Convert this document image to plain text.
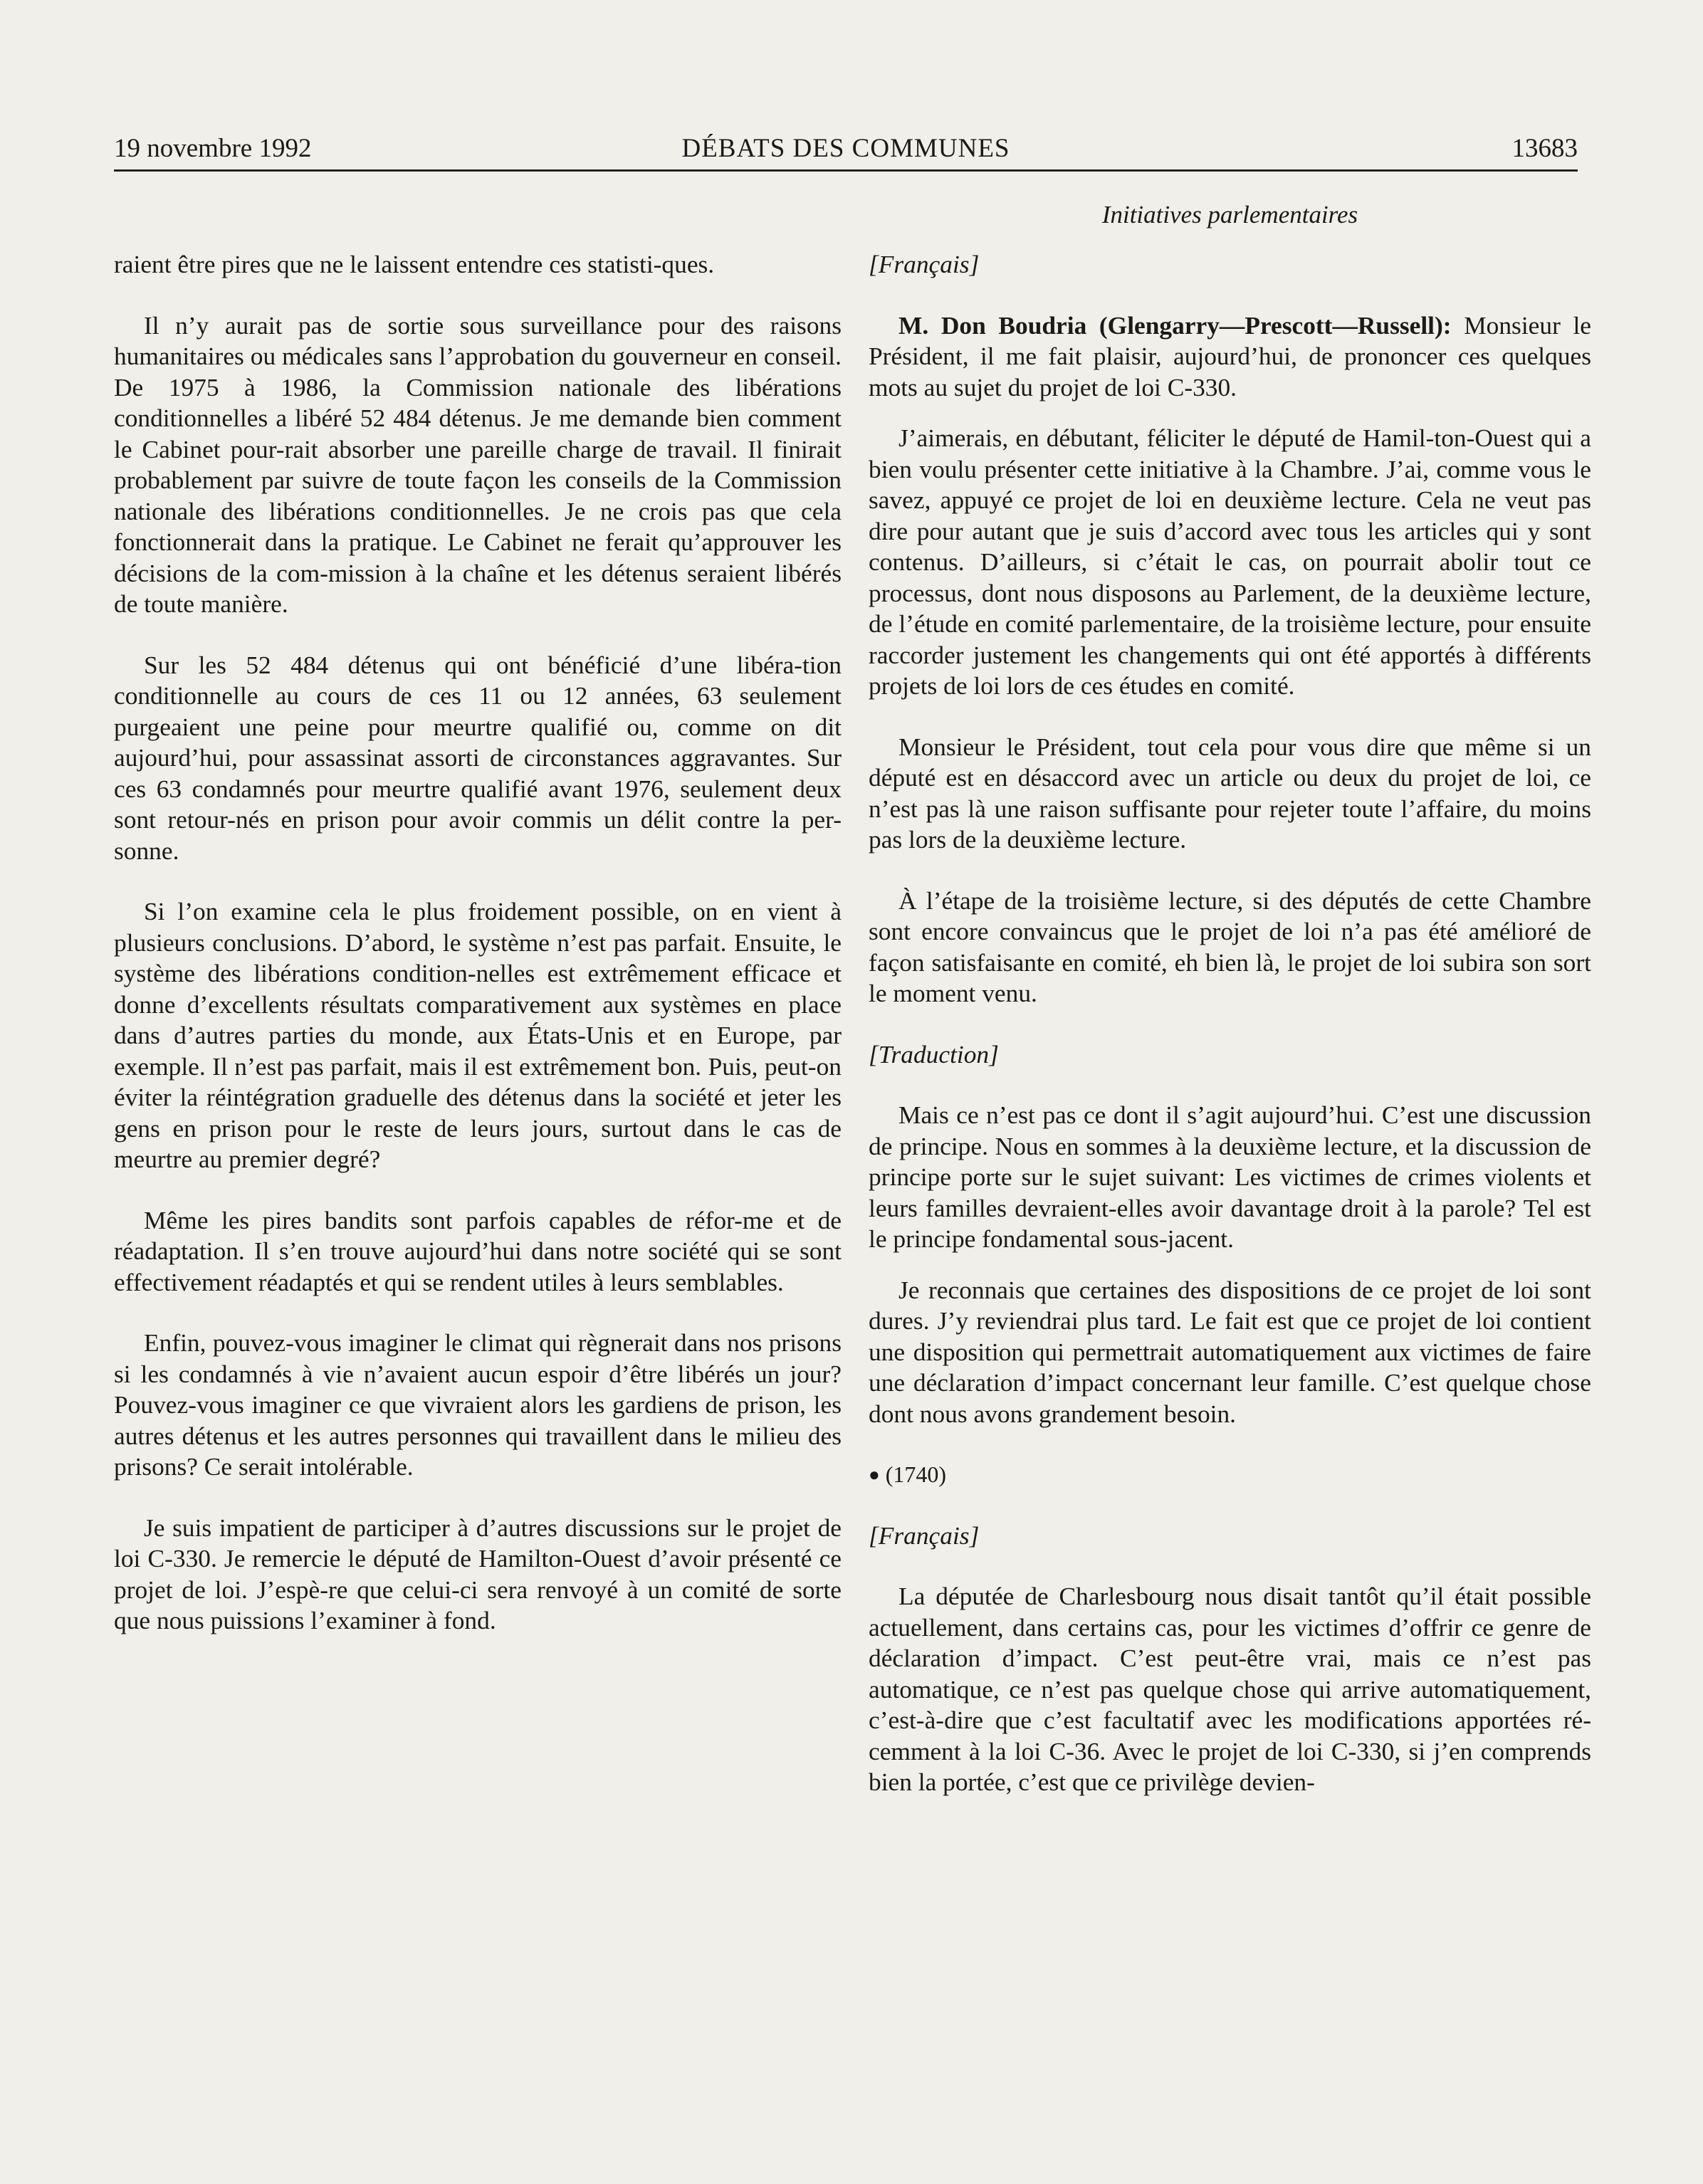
19 novembre 1992	DÉBATS DES COMMUNES	13683
Initiatives parlementaires

raient être pires que ne le laissent entendre ces statisti-ques.

Il n’y aurait pas de sortie sous surveillance pour des raisons humanitaires ou médicales sans l’approbation du gouverneur en conseil. De 1975 à 1986, la Commission nationale des libérations conditionnelles a libéré 52 484 détenus. Je me demande bien comment le Cabinet pour-rait absorber une pareille charge de travail. Il finirait probablement par suivre de toute façon les conseils de la Commission nationale des libérations conditionnelles. Je ne crois pas que cela fonctionnerait dans la pratique. Le Cabinet ne ferait qu’approuver les décisions de la com-mission à la chaîne et les détenus seraient libérés de toute manière.

Sur les 52 484 détenus qui ont bénéficié d’une libéra-tion conditionnelle au cours de ces 11 ou 12 années, 63 seulement purgeaient une peine pour meurtre qualifié ou, comme on dit aujourd’hui, pour assassinat assorti de circonstances aggravantes. Sur ces 63 condamnés pour meurtre qualifié avant 1976, seulement deux sont retour-nés en prison pour avoir commis un délit contre la per-sonne.

Si l’on examine cela le plus froidement possible, on en vient à plusieurs conclusions. D’abord, le système n’est pas parfait. Ensuite, le système des libérations condition-nelles est extrêmement efficace et donne d’excellents résultats comparativement aux systèmes en place dans d’autres parties du monde, aux États-Unis et en Europe, par exemple. Il n’est pas parfait, mais il est extrêmement bon. Puis, peut-on éviter la réintégration graduelle des détenus dans la société et jeter les gens en prison pour le reste de leurs jours, surtout dans le cas de meurtre au premier degré?

Même les pires bandits sont parfois capables de réfor-me et de réadaptation. Il s’en trouve aujourd’hui dans notre société qui se sont effectivement réadaptés et qui se rendent utiles à leurs semblables.

Enfin, pouvez-vous imaginer le climat qui règnerait dans nos prisons si les condamnés à vie n’avaient aucun espoir d’être libérés un jour? Pouvez-vous imaginer ce que vivraient alors les gardiens de prison, les autres détenus et les autres personnes qui travaillent dans le milieu des prisons? Ce serait intolérable.

Je suis impatient de participer à d’autres discussions sur le projet de loi C-330. Je remercie le député de Hamilton-Ouest d’avoir présenté ce projet de loi. J’espè-re que celui-ci sera renvoyé à un comité de sorte que nous puissions l’examiner à fond.

[Français]

M. Don Boudria (Glengarry—Prescott—Russell): Monsieur le Président, il me fait plaisir, aujourd’hui, de prononcer ces quelques mots au sujet du projet de loi C-330.

J’aimerais, en débutant, féliciter le député de Hamil-ton-Ouest qui a bien voulu présenter cette initiative à la Chambre. J’ai, comme vous le savez, appuyé ce projet de loi en deuxième lecture. Cela ne veut pas dire pour autant que je suis d’accord avec tous les articles qui y sont contenus. D’ailleurs, si c’était le cas, on pourrait abolir tout ce processus, dont nous disposons au Parlement, de la deuxième lecture, de l’étude en comité parlementaire, de la troisième lecture, pour ensuite raccorder justement les changements qui ont été apportés à différents projets de loi lors de ces études en comité.

Monsieur le Président, tout cela pour vous dire que même si un député est en désaccord avec un article ou deux du projet de loi, ce n’est pas là une raison suffisante pour rejeter toute l’affaire, du moins pas lors de la deuxième lecture.

À l’étape de la troisième lecture, si des députés de cette Chambre sont encore convaincus que le projet de loi n’a pas été amélioré de façon satisfaisante en comité, eh bien là, le projet de loi subira son sort le moment venu.

[Traduction]

Mais ce n’est pas ce dont il s’agit aujourd’hui. C’est une discussion de principe. Nous en sommes à la deuxième lecture, et la discussion de principe porte sur le sujet suivant: Les victimes de crimes violents et leurs familles devraient-elles avoir davantage droit à la parole? Tel est le principe fondamental sous-jacent.

Je reconnais que certaines des dispositions de ce projet de loi sont dures. J’y reviendrai plus tard. Le fait est que ce projet de loi contient une disposition qui permettrait automatiquement aux victimes de faire une déclaration d’impact concernant leur famille. C’est quelque chose dont nous avons grandement besoin.

● (1740)

[Français]

La députée de Charlesbourg nous disait tantôt qu’il était possible actuellement, dans certains cas, pour les victimes d’offrir ce genre de déclaration d’impact. C’est peut-être vrai, mais ce n’est pas automatique, ce n’est pas quelque chose qui arrive automatiquement, c’est-à-dire que c’est facultatif avec les modifications apportées ré-cemment à la loi C-36. Avec le projet de loi C-330, si j’en comprends bien la portée, c’est que ce privilège devien-
